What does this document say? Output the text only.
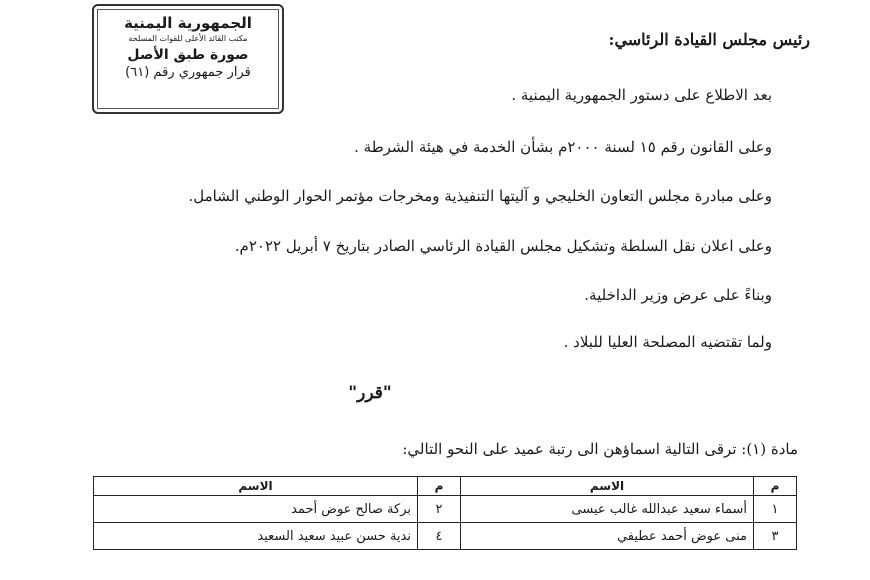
الجمهورية اليمنية
مكتب القائد الأعلى للقوات المسلحة
صورة طبق الأصل
قرار جمهوري رقم (٦١)
رئيس مجلس القيادة الرئاسي:
بعد الاطلاع على دستور الجمهورية اليمنية .
وعلى القانون رقم ١٥ لسنة ٢٠٠٠م بشأن الخدمة في هيئة الشرطة .
وعلى مبادرة مجلس التعاون الخليجي و آليتها التنفيذية ومخرجات مؤتمر الحوار الوطني الشامل.
وعلى اعلان نقل السلطة وتشكيل مجلس القيادة الرئاسي الصادر بتاريخ ٧ أبريل ٢٠٢٢م.
وبناءً على عرض وزير الداخلية.
ولما تقتضيه المصلحة العليا للبلاد .
"قرر"
مادة (١): ترقى التالية اسماؤهن الى رتبة عميد على النحو التالي:
م	الاسم	م	الاسم
١	أسماء سعيد عبدالله غالب عيسى	٢	بركة صالح عوض أحمد
٣	منى عوض أحمد عطيفي	٤	ندية حسن عبيد سعيد السعيد
